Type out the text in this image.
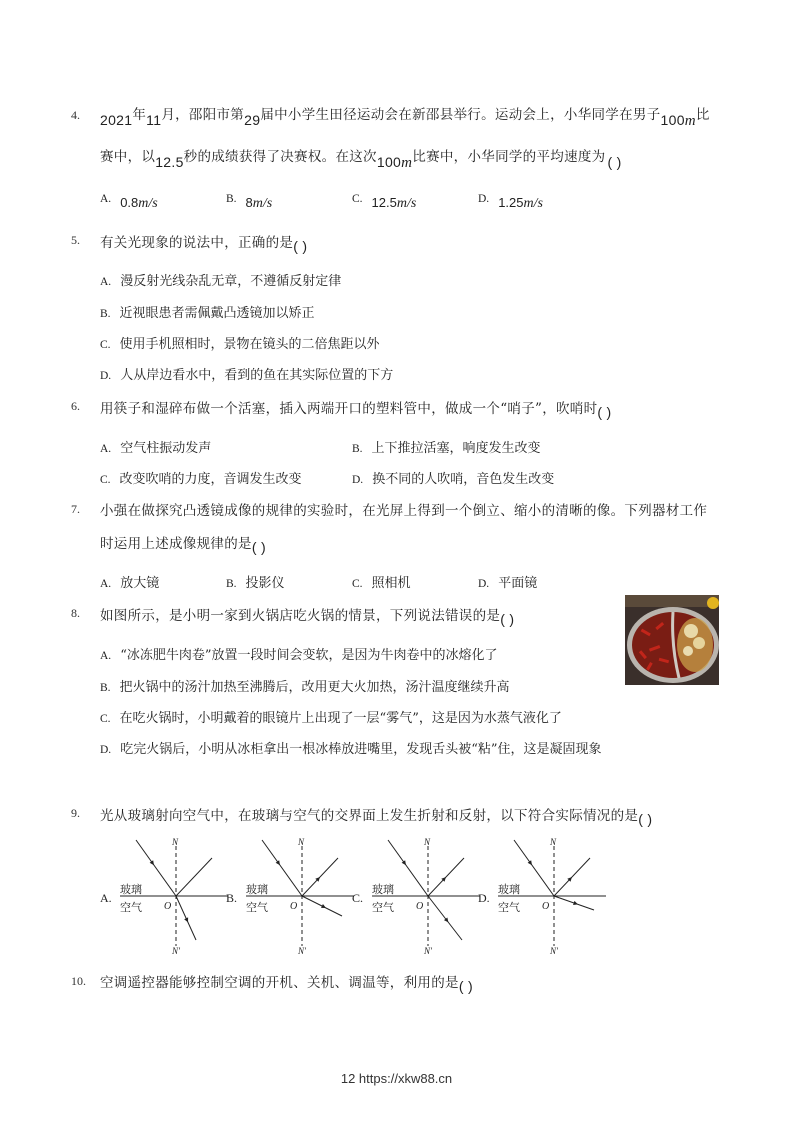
4. 2021年11月，邵阳市第29届中小学生田径运动会在新邵县举行。运动会上，小华同学在男子100m比
赛中，以12.5秒的成绩获得了决赛权。在这次100m比赛中，小华同学的平均速度为 ( )
A. 0.8m/s	B. 8m/s	C. 12.5m/s	D. 1.25m/s
5. 有关光现象的说法中，正确的是( )
A. 漫反射光线杂乱无章，不遵循反射定律
B. 近视眼患者需佩戴凸透镜加以矫正
C. 使用手机照相时，景物在镜头的二倍焦距以外
D. 人从岸边看水中，看到的鱼在其实际位置的下方
6. 用筷子和湿碎布做一个活塞，插入两端开口的塑料管中，做成一个“哨子”，吹哨时( )
A. 空气柱振动发声	B. 上下推拉活塞，响度发生改变
C. 改变吹哨的力度，音调发生改变	D. 换不同的人吹哨，音色发生改变
7. 小强在做探究凸透镜成像的规律的实验时，在光屏上得到一个倒立、缩小的清晰的像。下列器材工作
时运用上述成像规律的是( )
A. 放大镜	B. 投影仪	C. 照相机	D. 平面镜
8. 如图所示，是小明一家到火锅店吃火锅的情景，下列说法错误的是( )
A. “冰冻肥牛肉卷”放置一段时间会变软，是因为牛肉卷中的冰熔化了
B. 把火锅中的汤汁加热至沸腾后，改用更大火加热，汤汁温度继续升高
C. 在吃火锅时，小明戴着的眼镜片上出现了一层“雾气”，这是因为水蒸气液化了
D. 吃完火锅后，小明从冰柜拿出一根冰棒放进嘴里，发现舌头被“粘”住，这是凝固现象
9. 光从玻璃射向空气中，在玻璃与空气的交界面上发生折射和反射，以下符合实际情况的是( )
A.
N
N′
O
玻璃
空气
B.
N
N′
O
玻璃
空气
C.
N
N′
O
玻璃
空气
D.
N
N′
O
玻璃
空气
10. 空调遥控器能够控制空调的开机、关机、调温等，利用的是( )
12 https://xkw88.cn
